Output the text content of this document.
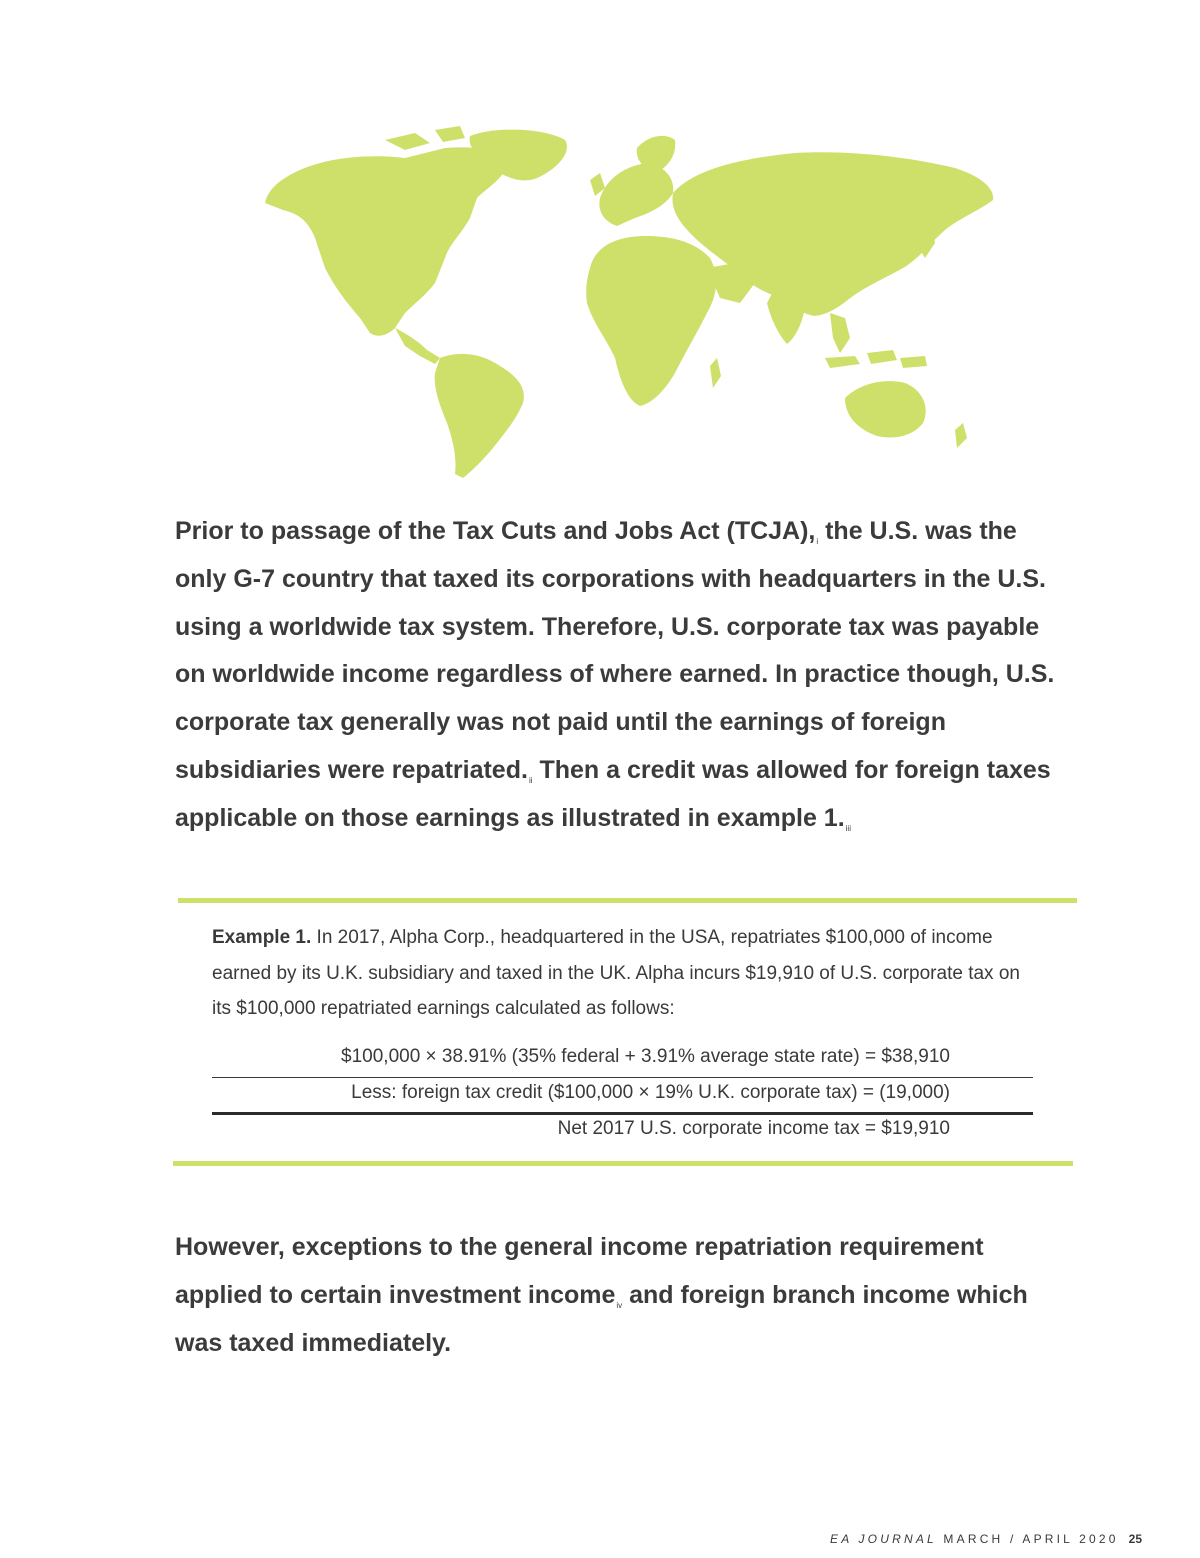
Prior to passage of the Tax Cuts and Jobs Act (TCJA),$^i$ the U.S. was the only G-7 country that taxed its corporations with headquarters in the U.S. using a worldwide tax system. Therefore, U.S. corporate tax was payable on worldwide income regardless of where earned. In practice though, U.S. corporate tax generally was not paid until the earnings of foreign subsidiaries were repatriated.$^{ii}$ Then a credit was allowed for foreign taxes applicable on those earnings as illustrated in example 1.$^{iii}$
Example 1. In 2017, Alpha Corp., headquartered in the USA, repatriates $100,000 of income earned by its U.K. subsidiary and taxed in the UK. Alpha incurs $19,910 of U.S. corporate tax on its $100,000 repatriated earnings calculated as follows:
$100,000 × 38.91% (35% federal + 3.91% average state rate) = $38,910
Less: foreign tax credit ($100,000 × 19% U.K. corporate tax) = (19,000)
Net 2017 U.S. corporate income tax = $19,910
However, exceptions to the general income repatriation requirement applied to certain investment income$^{iv}$ and foreign branch income which was taxed immediately.
EA JOURNAL MARCH / APRIL 2020 25
